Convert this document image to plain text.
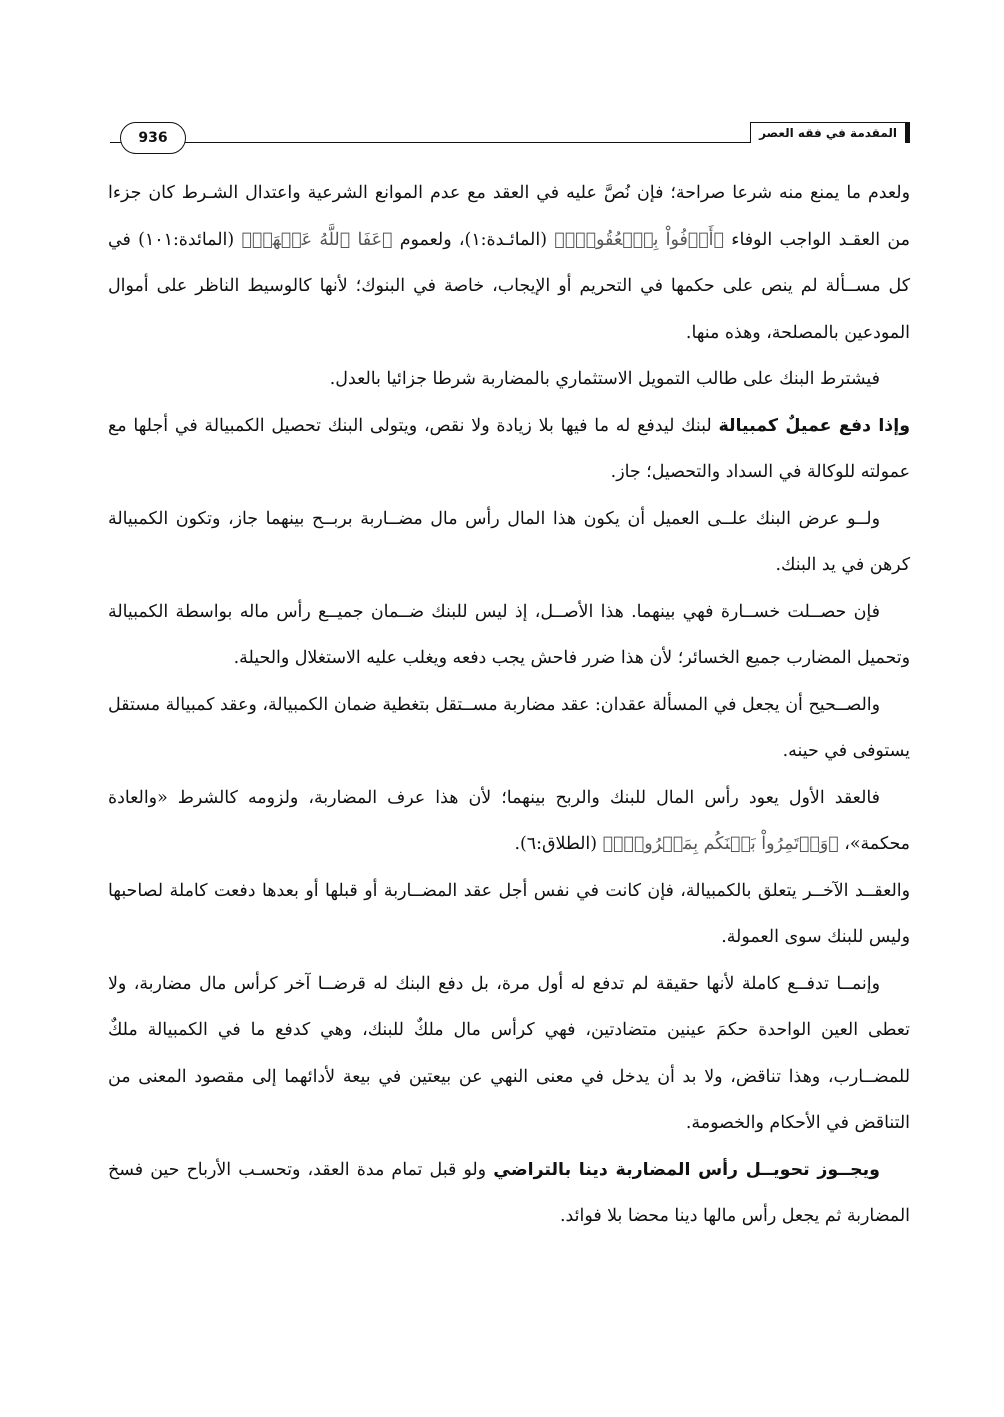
المقدمة في فقه العصر
936

ولعدم ما يمنع منه شرعا صراحة؛ فإن نُصَّ عليه في العقد مع عدم الموانع الشرعية واعتدال الشـرط كان جزءا من العقـد الواجب الوفاء ﴿أَوۡفُواْ بِٱلۡعُقُودِۚ﴾ (المائـدة:١)، ولعموم ﴿عَفَا ٱللَّهُ عَنۡهَاۗ﴾ (المائدة:١٠١) في كل مســألة لم ينص على حكمها في التحريم أو الإيجاب، خاصة في البنوك؛ لأنها كالوسيط الناظر على أموال المودعين بالمصلحة، وهذه منها.

فيشترط البنك على طالب التمويل الاستثماري بالمضاربة شرطا جزائيا بالعدل.

وإذا دفع عميلٌ كمبيالة لبنك ليدفع له ما فيها بلا زيادة ولا نقص، ويتولى البنك تحصيل الكمبيالة في أجلها مع عمولته للوكالة في السداد والتحصيل؛ جاز.

ولــو عرض البنك علــى العميل أن يكون هذا المال رأس مال مضــاربة بربــح بينهما جاز، وتكون الكمبيالة كرهن في يد البنك.

فإن حصــلت خســارة فهي بينهما. هذا الأصــل، إذ ليس للبنك ضــمان جميــع رأس ماله بواسطة الكمبيالة وتحميل المضارب جميع الخسائر؛ لأن هذا ضرر فاحش يجب دفعه ويغلب عليه الاستغلال والحيلة.

والصــحيح أن يجعل في المسألة عقدان: عقد مضاربة مســتقل بتغطية ضمان الكمبيالة، وعقد كمبيالة مستقل يستوفى في حينه.

فالعقد الأول يعود رأس المال للبنك والربح بينهما؛ لأن هذا عرف المضاربة، ولزومه كالشرط «والعادة محكمة»، ﴿وَأۡتَمِرُواْ بَيۡنَكُم بِمَعۡرُوفٖۖ﴾ (الطلاق:٦).

والعقــد الآخــر يتعلق بالكمبيالة، فإن كانت في نفس أجل عقد المضــاربة أو قبلها أو بعدها دفعت كاملة لصاحبها وليس للبنك سوى العمولة.

وإنمــا تدفــع كاملة لأنها حقيقة لم تدفع له أول مرة، بل دفع البنك له قرضــا آخر كرأس مال مضاربة، ولا تعطى العين الواحدة حكمَ عينين متضادتين، فهي كرأس مال ملكٌ للبنك، وهي كدفع ما في الكمبيالة ملكٌ للمضــارب، وهذا تناقض، ولا بد أن يدخل في معنى النهي عن بيعتين في بيعة لأدائهما إلى مقصود المعنى من التناقض في الأحكام والخصومة.

ويجــوز تحويــل رأس المضاربة دينا بالتراضي ولو قبل تمام مدة العقد، وتحسـب الأرباح حين فسخ المضاربة ثم يجعل رأس مالها دينا محضا بلا فوائد.
